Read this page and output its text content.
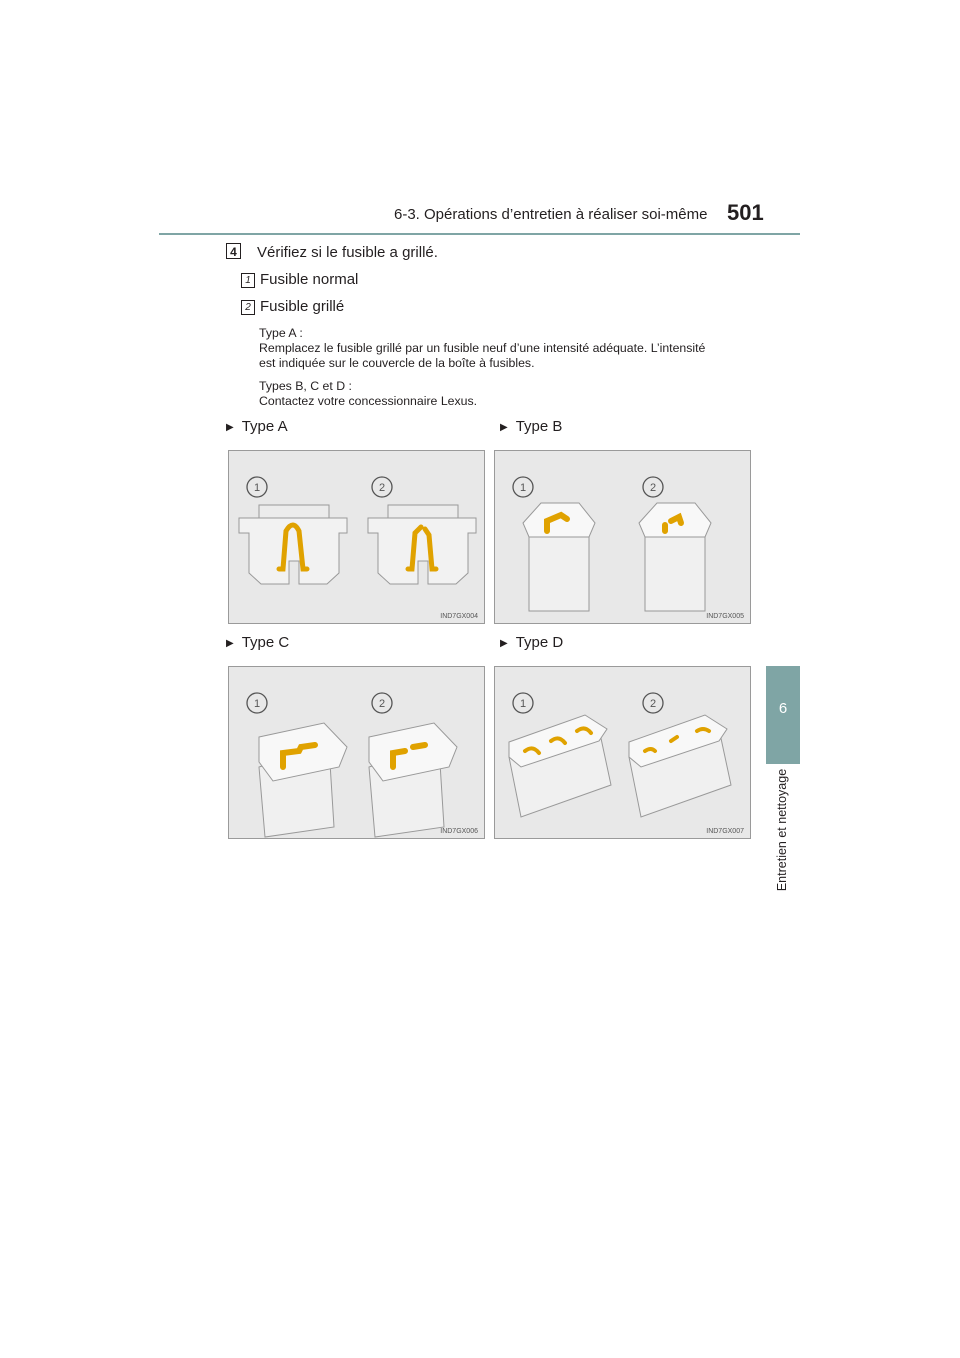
6-3. Opérations d’entretien à réaliser soi-même 501
6
Entretien et nettoyage
4 Vérifiez si le fusible a grillé.
1 Fusible normal
2 Fusible grillé
Type A :
Remplacez le fusible grillé par un fusible neuf d’une intensité adéquate. L’intensité
est indiquée sur le couvercle de la boîte à fusibles.
Types B, C et D :
Contactez votre concessionnaire Lexus.
▶ Type A	▶ Type B
▶ Type C	▶ Type D
1	2
IND7GX004
1	2
IND7GX005
1	2
IND7GX006
1	2
IND7GX007
